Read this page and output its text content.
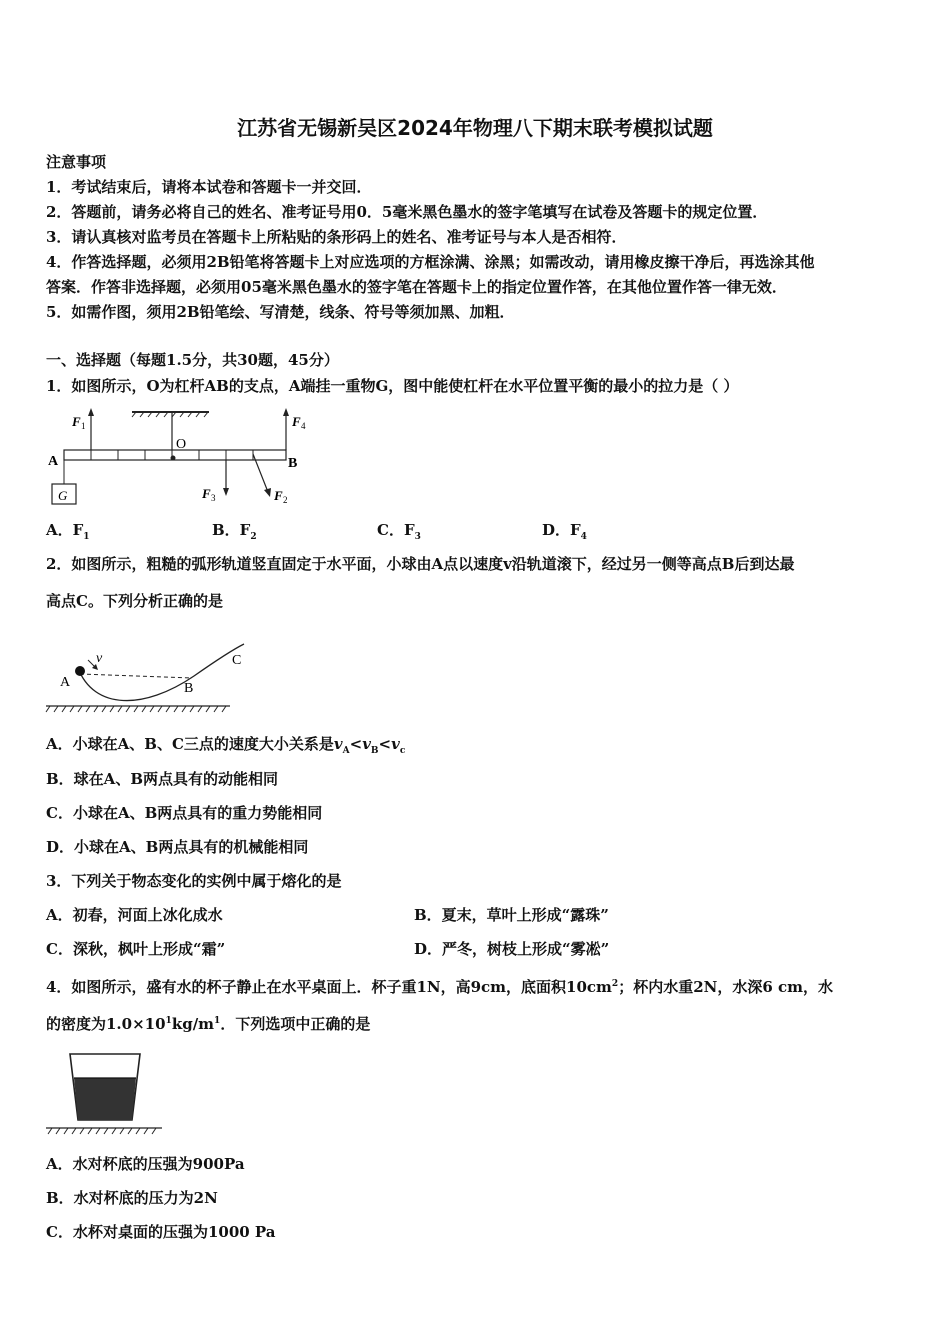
江苏省无锡新吴区2024年物理八下期末联考模拟试题
注意事项
1．考试结束后，请将本试卷和答题卡一并交回．
2．答题前，请务必将自己的姓名、准考证号用0．5毫米黑色墨水的签字笔填写在试卷及答题卡的规定位置．
3．请认真核对监考员在答题卡上所粘贴的条形码上的姓名、准考证号与本人是否相符．
4．作答选择题，必须用2B铅笔将答题卡上对应选项的方框涂满、涂黑；如需改动，请用橡皮擦干净后，再选涂其他
答案．作答非选择题，必须用05毫米黑色墨水的签字笔在答题卡上的指定位置作答，在其他位置作答一律无效．
5．如需作图，须用2B铅笔绘、写清楚，线条、符号等须加黑、加粗．
一、选择题（每题1.5分，共30题，45分）
1．如图所示，O为杠杆AB的支点，A端挂一重物G，图中能使杠杆在水平位置平衡的最小的拉力是（ ）
A	B
O
G
F 1	F 4
F 3	F 2
A．$F_1$	B．$F_2$	C．$F_3$	D．$F_4$
2．如图所示，粗糙的弧形轨道竖直固定于水平面，小球由A点以速度v沿轨道滚下，经过另一侧等高点B后到达最
高点C。下列分析正确的是
A	B
C
v
A．小球在A、B、C三点的速度大小关系是$v_A<v_B<v_c$
B．球在A、B两点具有的动能相同
C．小球在A、B两点具有的重力势能相同
D．小球在A、B两点具有的机械能相同
3．下列关于物态变化的实例中属于熔化的是
A．初春，河面上冰化成水	B．夏末，草叶上形成“露珠”
C．深秋，枫叶上形成“霜”	D．严冬，树枝上形成“雾凇”
4．如图所示，盛有水的杯子静止在水平桌面上．杯子重1N，高9cm，底面积$10cm^2$；杯内水重2N，水深6 cm，水
的密度为$1.0\times 10^1kg/m^1$．下列选项中正确的是
A．水对杯底的压强为900Pa
B．水对杯底的压力为2N
C．水杯对桌面的压强为1000 Pa
